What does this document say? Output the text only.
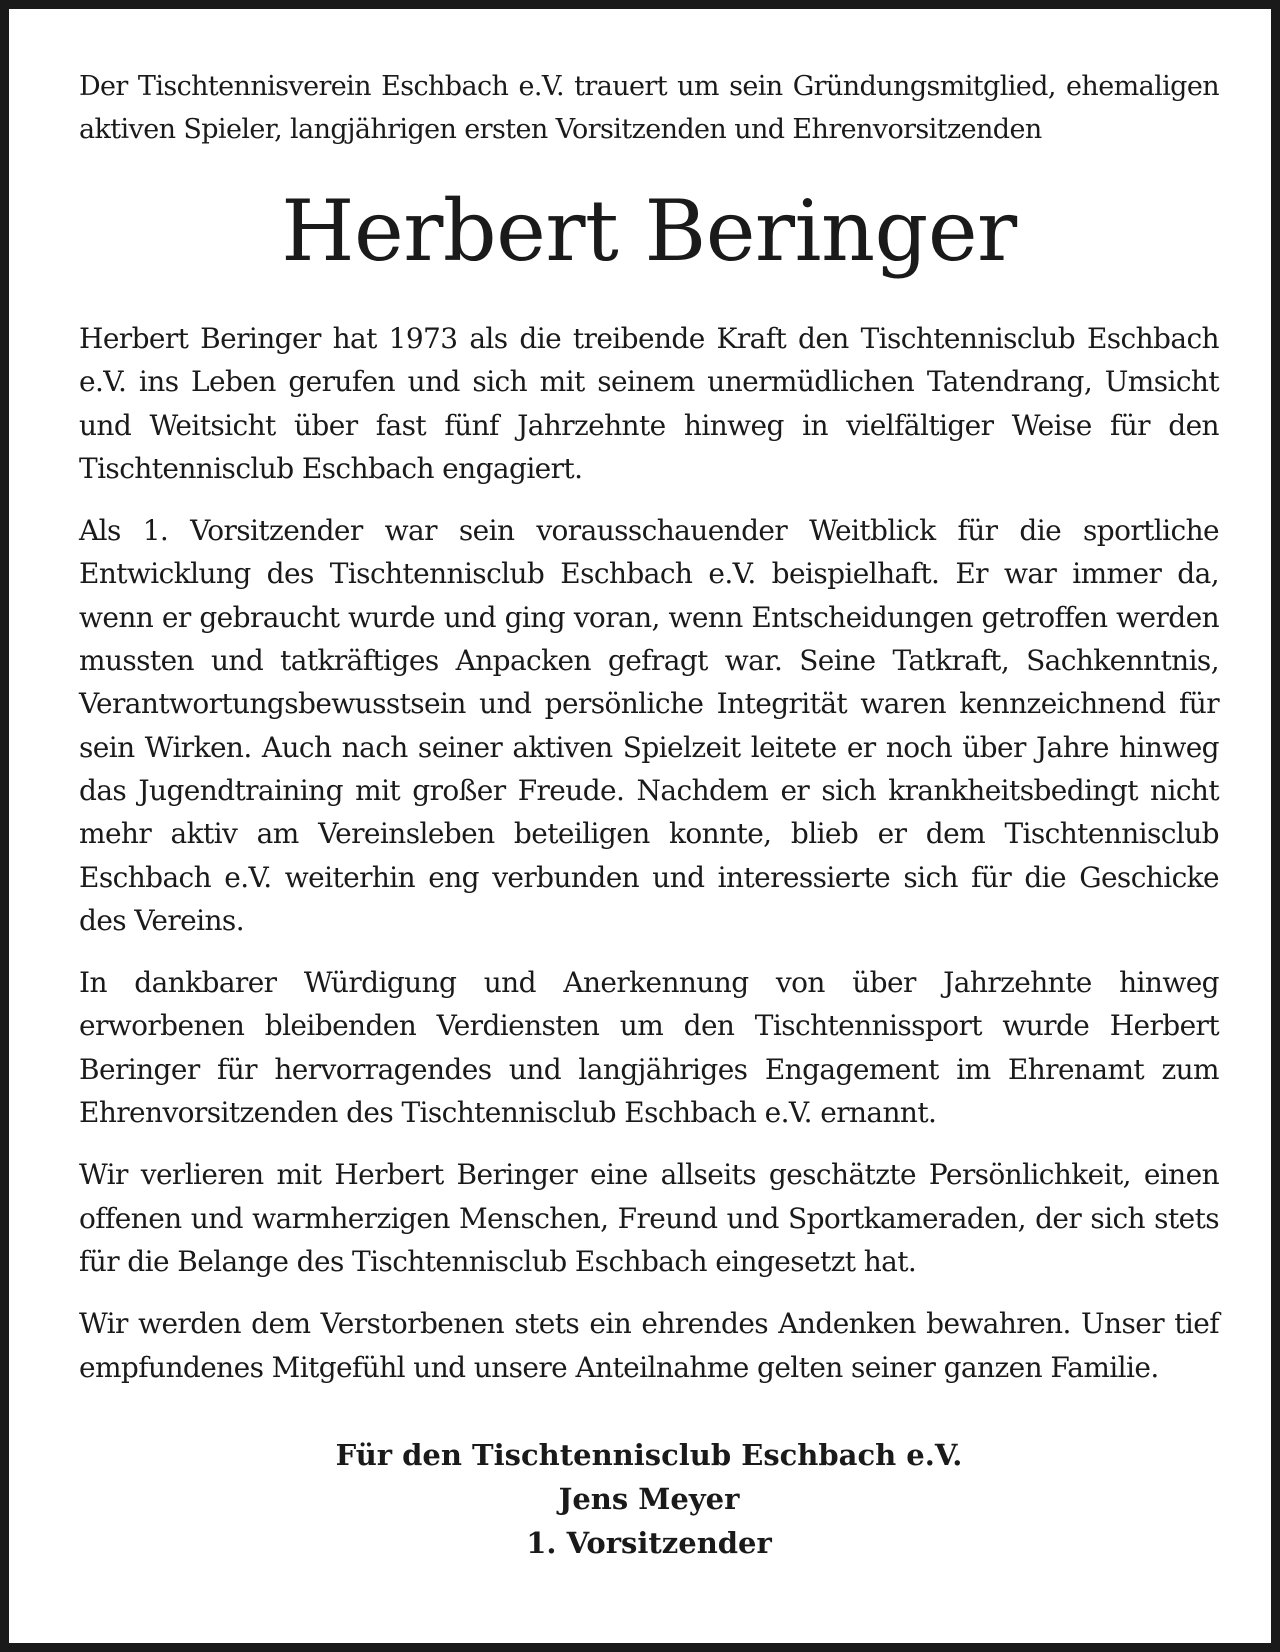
Der Tischtennisverein Eschbach e.V. trauert um sein Gründungsmitglied, ehemaligen aktiven Spieler, langjährigen ersten Vorsitzenden und Ehrenvorsitzenden

Herbert Beringer

Herbert Beringer hat 1973 als die treibende Kraft den Tischtennisclub Eschbach e.V. ins Leben gerufen und sich mit seinem unermüdlichen Tatendrang, Umsicht und Weitsicht über fast fünf Jahrzehnte hinweg in vielfältiger Weise für den Tischtennisclub Eschbach engagiert.

Als 1. Vorsitzender war sein vorausschauender Weitblick für die sportliche Entwicklung des Tischtennisclub Eschbach e.V. beispielhaft. Er war immer da, wenn er gebraucht wurde und ging voran, wenn Entscheidungen getroffen werden mussten und tatkräftiges Anpacken gefragt war. Seine Tatkraft, Sachkenntnis, Verantwortungsbewusstsein und persönliche Integrität waren kennzeichnend für sein Wirken. Auch nach seiner aktiven Spielzeit leitete er noch über Jahre hinweg das Jugendtraining mit großer Freude. Nachdem er sich krankheitsbedingt nicht mehr aktiv am Vereinsleben beteiligen konnte, blieb er dem Tischtennisclub Eschbach e.V. weiterhin eng verbunden und interessierte sich für die Geschicke des Vereins.

In dankbarer Würdigung und Anerkennung von über Jahrzehnte hinweg erworbenen bleibenden Verdiensten um den Tischtennissport wurde Herbert Beringer für hervorragendes und langjähriges Engagement im Ehrenamt zum Ehrenvorsitzenden des Tischtennisclub Eschbach e.V. ernannt.

Wir verlieren mit Herbert Beringer eine allseits geschätzte Persönlichkeit, einen offenen und warmherzigen Menschen, Freund und Sportkameraden, der sich stets für die Belange des Tischtennisclub Eschbach eingesetzt hat.

Wir werden dem Verstorbenen stets ein ehrendes Andenken bewahren. Unser tief empfundenes Mitgefühl und unsere Anteilnahme gelten seiner ganzen Familie.

Für den Tischtennisclub Eschbach e.V.
Jens Meyer
1. Vorsitzender
